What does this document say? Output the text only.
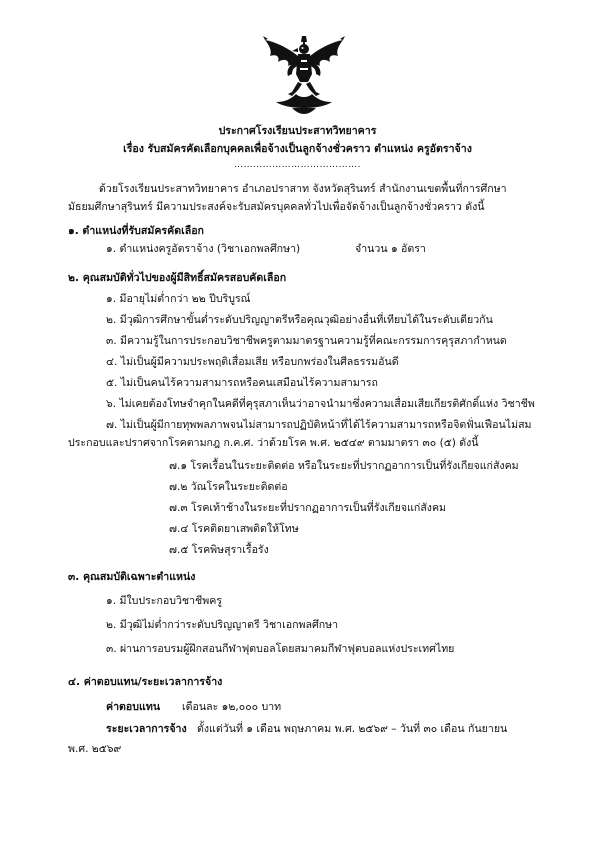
ประกาศโรงเรียนประสาทวิทยาคาร
เรื่อง รับสมัครคัดเลือกบุคคลเพื่อจ้างเป็นลูกจ้างชั่วคราว ตำแหน่ง ครูอัตราจ้าง
………………………………….
ด้วยโรงเรียนประสาทวิทยาคาร อำเภอปราสาท จังหวัดสุรินทร์ สำนักงานเขตพื้นที่การศึกษา
มัธยมศึกษาสุรินทร์ มีความประสงค์จะรับสมัครบุคคลทั่วไปเพื่อจัดจ้างเป็นลูกจ้างชั่วคราว ดังนี้
๑. ตำแหน่งที่รับสมัครคัดเลือก
๑. ตำแหน่งครูอัตราจ้าง (วิชาเอกพลศึกษา)	จำนวน ๑ อัตรา
๒. คุณสมบัติทั่วไปของผู้มีสิทธิ์สมัครสอบคัดเลือก
๑. มีอายุไม่ต่ำกว่า ๒๒ ปีบริบูรณ์
๒. มีวุฒิการศึกษาขั้นต่ำระดับปริญญาตรีหรือคุณวุฒิอย่างอื่นที่เทียบได้ในระดับเดียวกัน
๓. มีความรู้ในการประกอบวิชาชีพครูตามมาตรฐานความรู้ที่คณะกรรมการคุรุสภากำหนด
๔. ไม่เป็นผู้มีความประพฤติเสื่อมเสีย หรือบกพร่องในศีลธรรมอันดี
๕. ไม่เป็นคนไร้ความสามารถหรือคนเสมือนไร้ความสามารถ
๖. ไม่เคยต้องโทษจำคุกในคดีที่คุรุสภาเห็นว่าอาจนำมาซึ่งความเสื่อมเสียเกียรติศักดิ์แห่ง วิชาชีพ
๗. ไม่เป็นผู้มีกายทุพพลภาพจนไม่สามารถปฏิบัติหน้าที่ได้ไร้ความสามารถหรือจิตฟั่นเฟือนไม่สม
ประกอบและปราศจากโรคตามกฎ ก.ค.ศ. ว่าด้วยโรค พ.ศ. ๒๕๔๙ ตามมาตรา ๓๐ (๕) ดังนี้
๗.๑ โรคเรื้อนในระยะติดต่อ หรือในระยะที่ปรากฏอาการเป็นที่รังเกียจแก่สังคม
๗.๒ วัณโรคในระยะติดต่อ
๗.๓ โรคเท้าช้างในระยะที่ปรากฏอาการเป็นที่รังเกียจแก่สังคม
๗.๔ โรคติดยาเสพติดให้โทษ
๗.๕ โรคพิษสุราเรื้อรัง
๓. คุณสมบัติเฉพาะตำแหน่ง
๑. มีใบประกอบวิชาชีพครู
๒. มีวุฒิไม่ต่ำกว่าระดับปริญญาตรี วิชาเอกพลศึกษา
๓. ผ่านการอบรมผู้ฝึกสอนกีฬาฟุตบอลโดยสมาคมกีฬาฟุตบอลแห่งประเทศไทย
๔. ค่าตอบแทน/ระยะเวลาการจ้าง
ค่าตอบแทน เดือนละ ๑๒,๐๐๐ บาท
ระยะเวลาการจ้าง ตั้งแต่วันที่ ๑ เดือน พฤษภาคม พ.ศ. ๒๕๖๙ – วันที่ ๓๐ เดือน กันยายน
พ.ศ. ๒๕๖๙
